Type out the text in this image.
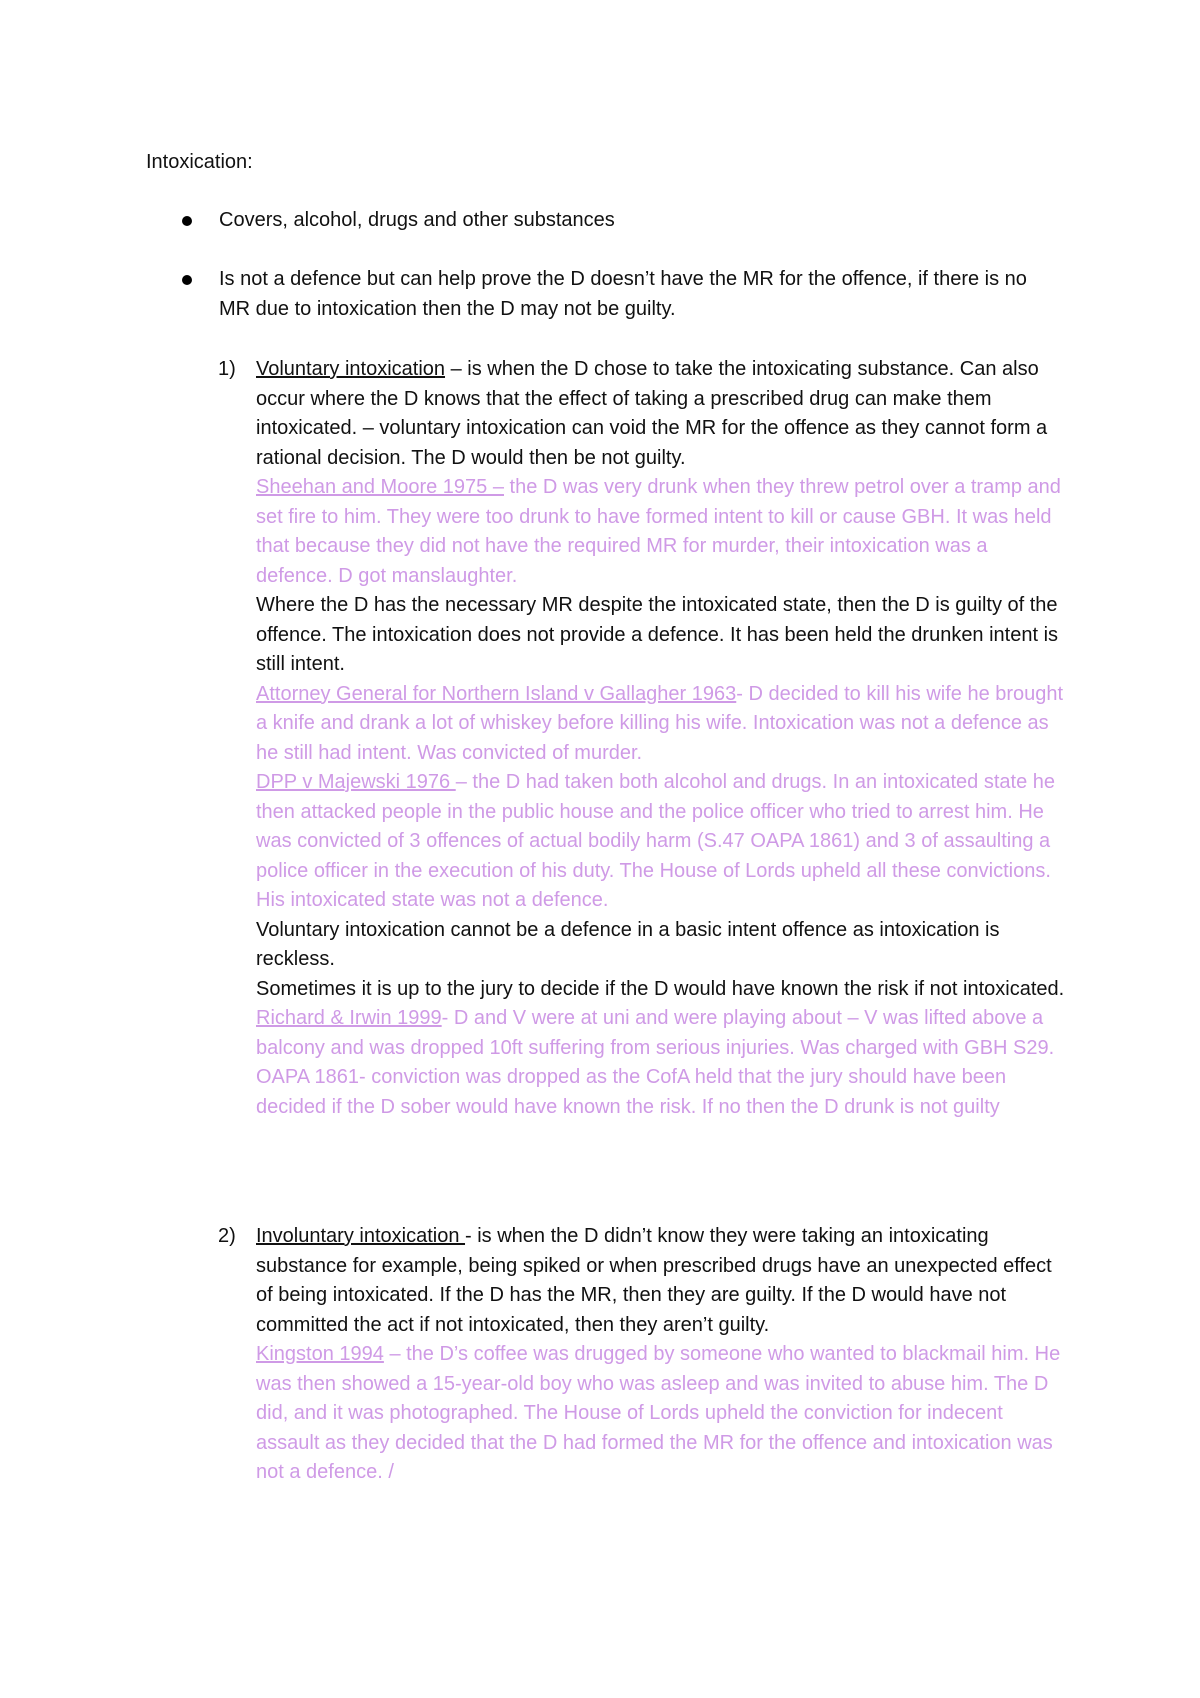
Intoxication:
Covers, alcohol, drugs and other substances
Is not a defence but can help prove the D doesn’t have the MR for the offence, if there is no MR due to intoxication then the D may not be guilty.
1) Voluntary intoxication – is when the D chose to take the intoxicating substance. Can also occur where the D knows that the effect of taking a prescribed drug can make them intoxicated. – voluntary intoxication can void the MR for the offence as they cannot form a rational decision. The D would then be not guilty.

Sheehan and Moore 1975 – the D was very drunk when they threw petrol over a tramp and set fire to him. They were too drunk to have formed intent to kill or cause GBH. It was held that because they did not have the required MR for murder, their intoxication was a defence. D got manslaughter.

Where the D has the necessary MR despite the intoxicated state, then the D is guilty of the offence. The intoxication does not provide a defence. It has been held the drunken intent is still intent.

Attorney General for Northern Island v Gallagher 1963- D decided to kill his wife he brought a knife and drank a lot of whiskey before killing his wife. Intoxication was not a defence as he still had intent. Was convicted of murder.

DPP v Majewski 1976 – the D had taken both alcohol and drugs. In an intoxicated state he then attacked people in the public house and the police officer who tried to arrest him. He was convicted of 3 offences of actual bodily harm (S.47 OAPA 1861) and 3 of assaulting a police officer in the execution of his duty. The House of Lords upheld all these convictions. His intoxicated state was not a defence.

Voluntary intoxication cannot be a defence in a basic intent offence as intoxication is reckless.

Sometimes it is up to the jury to decide if the D would have known the risk if not intoxicated.

Richard & Irwin 1999- D and V were at uni and were playing about – V was lifted above a balcony and was dropped 10ft suffering from serious injuries. Was charged with GBH S29. OAPA 1861- conviction was dropped as the CofA held that the jury should have been decided if the D sober would have known the risk. If no then the D drunk is not guilty

2) Involuntary intoxication - is when the D didn’t know they were taking an intoxicating substance for example, being spiked or when prescribed drugs have an unexpected effect of being intoxicated. If the D has the MR, then they are guilty. If the D would have not committed the act if not intoxicated, then they aren’t guilty.

Kingston 1994 – the D’s coffee was drugged by someone who wanted to blackmail him. He was then showed a 15-year-old boy who was asleep and was invited to abuse him. The D did, and it was photographed. The House of Lords upheld the conviction for indecent assault as they decided that the D had formed the MR for the offence and intoxication was not a defence. /
